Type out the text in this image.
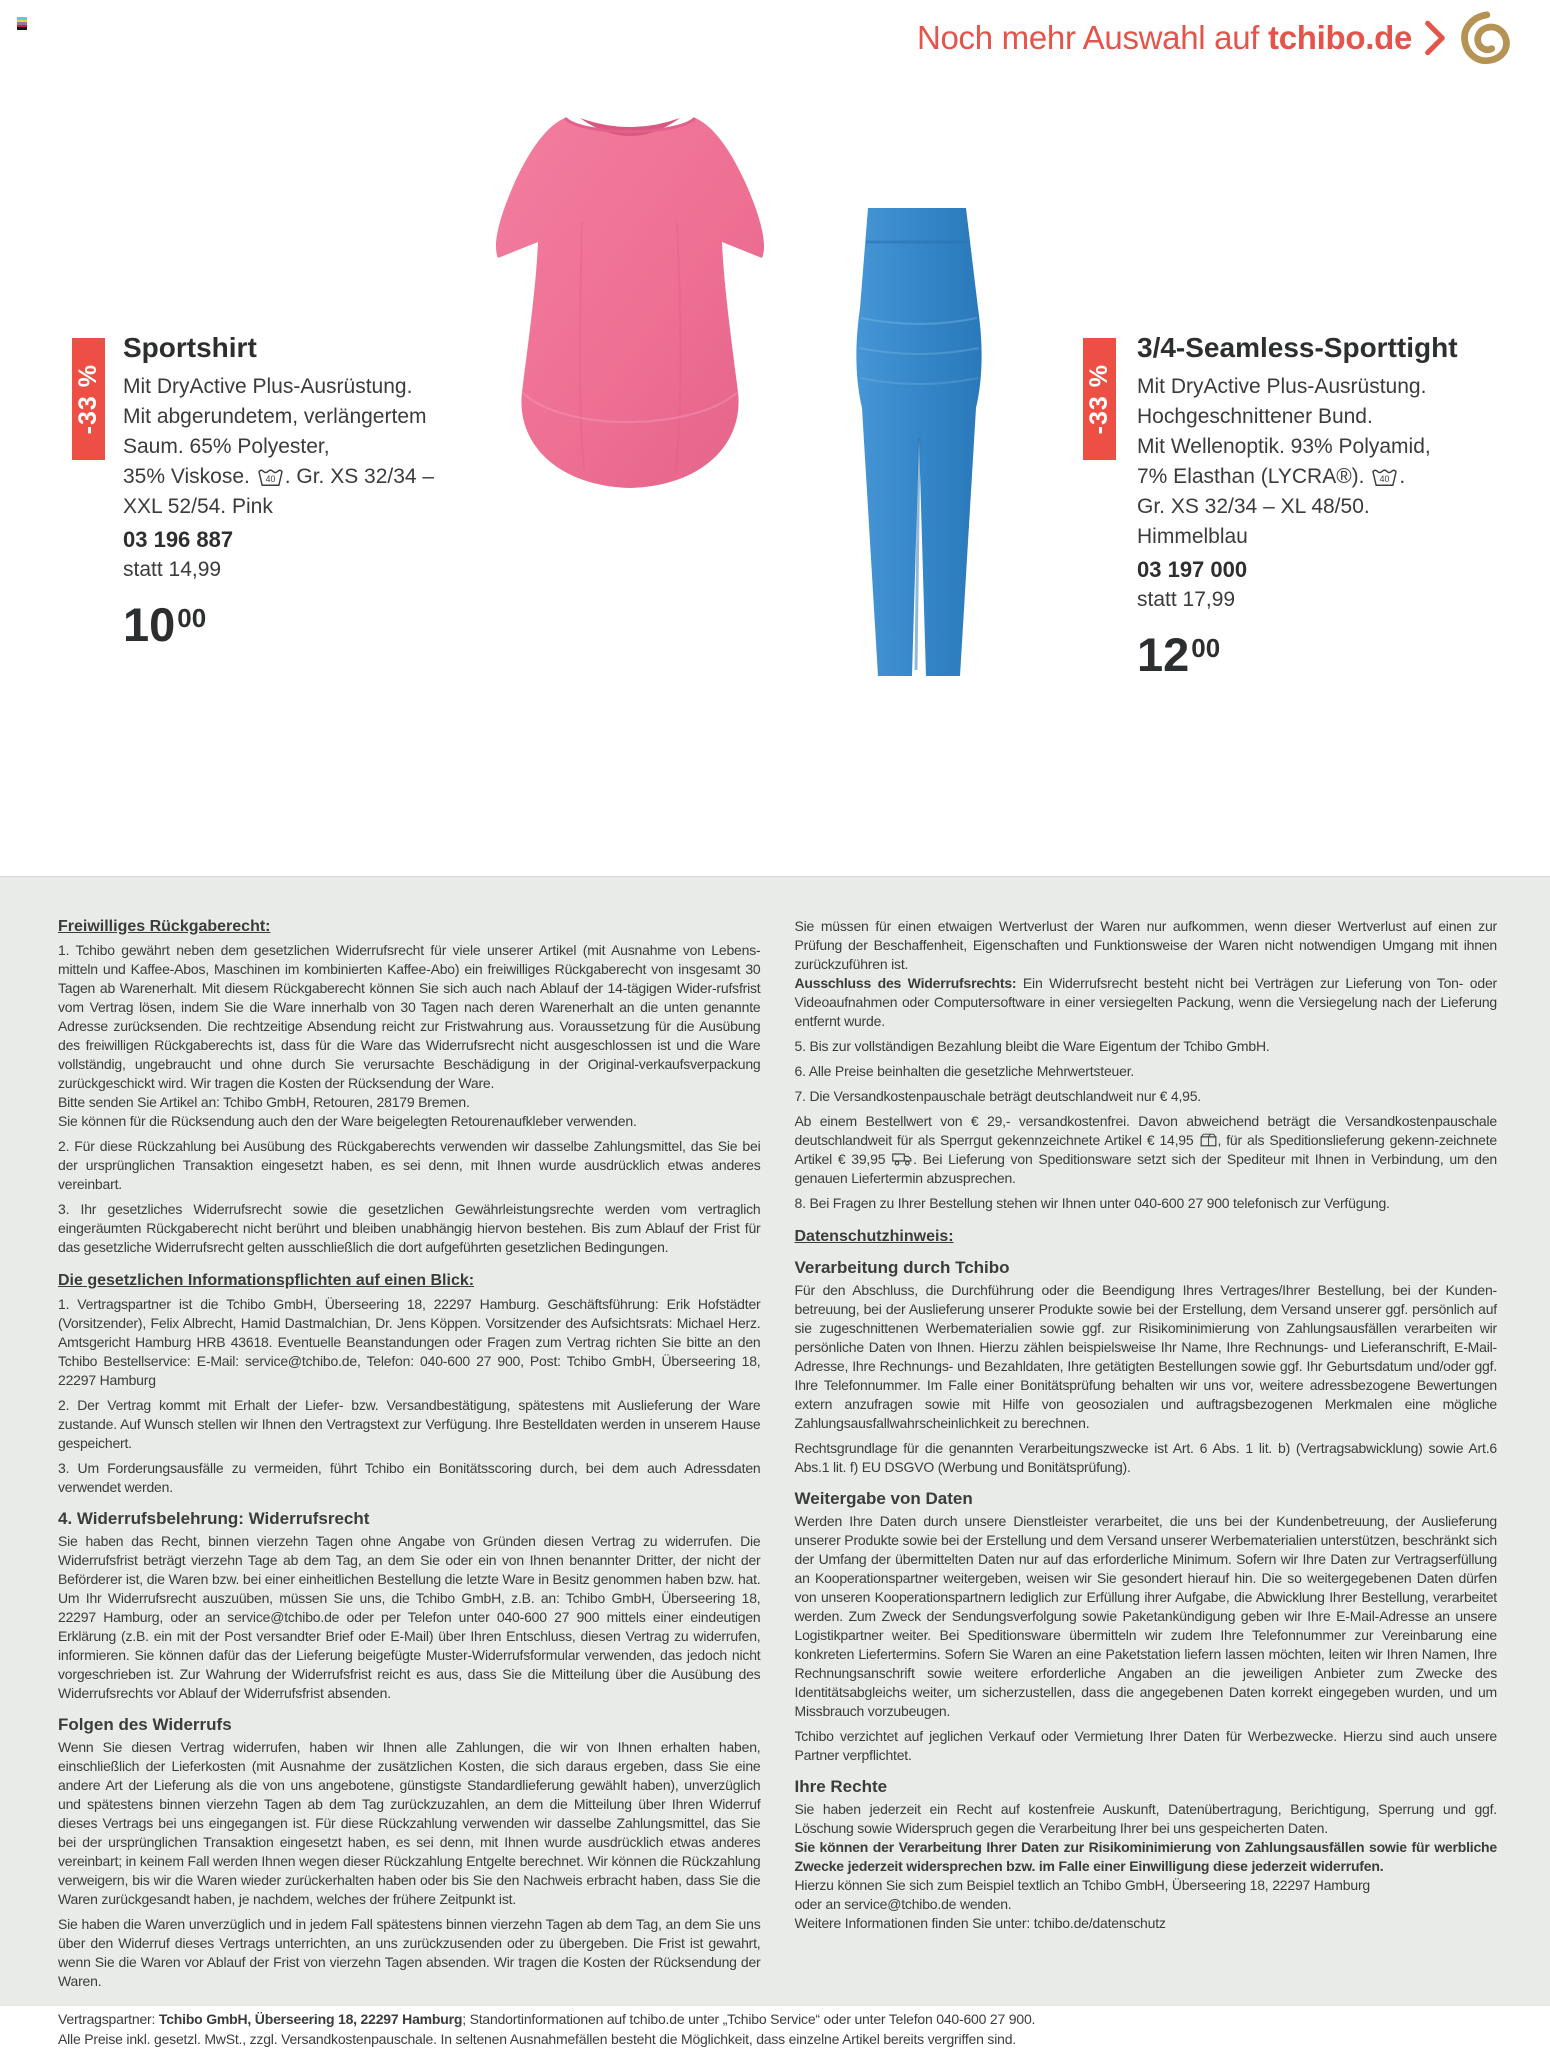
Noch mehr Auswahl auf tchibo.de
-33 %
Sportshirt
Mit DryActive Plus-Ausrüstung.
Mit abgerundetem, verlängertem
Saum. 65% Polyester,
35% Viskose. 40 . Gr. XS 32/34 –
XXL 52/54. Pink
03 196 887
statt 14,99
$10^{00}$
-33 %
3/4-Seamless-Sporttight
Mit DryActive Plus-Ausrüstung.
Hochgeschnittener Bund.
Mit Wellenoptik. 93% Polyamid,
7% Elasthan (LYCRA®). 40 .
Gr. XS 32/34 – XL 48/50.
Himmelblau
03 197 000
statt 17,99
$12^{00}$
Freiwilliges Rückgaberecht:
1. Tchibo gewährt neben dem gesetzlichen Widerrufsrecht für viele unserer Artikel (mit Ausnahme von Lebens-mitteln und Kaffee-Abos, Maschinen im kombinierten Kaffee-Abo) ein freiwilliges Rückgaberecht von insgesamt 30 Tagen ab Warenerhalt. Mit diesem Rückgaberecht können Sie sich auch nach Ablauf der 14-tägigen Wider-rufsfrist vom Vertrag lösen, indem Sie die Ware innerhalb von 30 Tagen nach deren Warenerhalt an die unten genannte Adresse zurücksenden. Die rechtzeitige Absendung reicht zur Fristwahrung aus. Voraussetzung für die Ausübung des freiwilligen Rückgaberechts ist, dass für die Ware das Widerrufsrecht nicht ausgeschlossen ist und die Ware vollständig, ungebraucht und ohne durch Sie verursachte Beschädigung in der Original-verkaufsverpackung zurückgeschickt wird. Wir tragen die Kosten der Rücksendung der Ware.
Bitte senden Sie Artikel an: Tchibo GmbH, Retouren, 28179 Bremen.
Sie können für die Rücksendung auch den der Ware beigelegten Retourenaufkleber verwenden.
2. Für diese Rückzahlung bei Ausübung des Rückgaberechts verwenden wir dasselbe Zahlungsmittel, das Sie bei der ursprünglichen Transaktion eingesetzt haben, es sei denn, mit Ihnen wurde ausdrücklich etwas anderes vereinbart.
3. Ihr gesetzliches Widerrufsrecht sowie die gesetzlichen Gewährleistungsrechte werden vom vertraglich eingeräumten Rückgaberecht nicht berührt und bleiben unabhängig hiervon bestehen. Bis zum Ablauf der Frist für das gesetzliche Widerrufsrecht gelten ausschließlich die dort aufgeführten gesetzlichen Bedingungen.
Die gesetzlichen Informationspflichten auf einen Blick:
1. Vertragspartner ist die Tchibo GmbH, Überseering 18, 22297 Hamburg. Geschäftsführung: Erik Hofstädter (Vorsitzender), Felix Albrecht, Hamid Dastmalchian, Dr. Jens Köppen. Vorsitzender des Aufsichtsrats: Michael Herz. Amtsgericht Hamburg HRB 43618. Eventuelle Beanstandungen oder Fragen zum Vertrag richten Sie bitte an den Tchibo Bestellservice: E-Mail: service@tchibo.de, Telefon: 040-600 27 900, Post: Tchibo GmbH, Überseering 18, 22297 Hamburg
2. Der Vertrag kommt mit Erhalt der Liefer- bzw. Versandbestätigung, spätestens mit Auslieferung der Ware zustande. Auf Wunsch stellen wir Ihnen den Vertragstext zur Verfügung. Ihre Bestelldaten werden in unserem Hause gespeichert.
3. Um Forderungsausfälle zu vermeiden, führt Tchibo ein Bonitätsscoring durch, bei dem auch Adressdaten verwendet werden.
4. Widerrufsbelehrung: Widerrufsrecht
Sie haben das Recht, binnen vierzehn Tagen ohne Angabe von Gründen diesen Vertrag zu widerrufen. Die Widerrufsfrist beträgt vierzehn Tage ab dem Tag, an dem Sie oder ein von Ihnen benannter Dritter, der nicht der Beförderer ist, die Waren bzw. bei einer einheitlichen Bestellung die letzte Ware in Besitz genommen haben bzw. hat. Um Ihr Widerrufsrecht auszuüben, müssen Sie uns, die Tchibo GmbH, z.B. an: Tchibo GmbH, Überseering 18, 22297 Hamburg, oder an service@tchibo.de oder per Telefon unter 040-600 27 900 mittels einer eindeutigen Erklärung (z.B. ein mit der Post versandter Brief oder E-Mail) über Ihren Entschluss, diesen Vertrag zu widerrufen, informieren. Sie können dafür das der Lieferung beigefügte Muster-Widerrufsformular verwenden, das jedoch nicht vorgeschrieben ist. Zur Wahrung der Widerrufsfrist reicht es aus, dass Sie die Mitteilung über die Ausübung des Widerrufsrechts vor Ablauf der Widerrufsfrist absenden.
Folgen des Widerrufs
Wenn Sie diesen Vertrag widerrufen, haben wir Ihnen alle Zahlungen, die wir von Ihnen erhalten haben, einschließlich der Lieferkosten (mit Ausnahme der zusätzlichen Kosten, die sich daraus ergeben, dass Sie eine andere Art der Lieferung als die von uns angebotene, günstigste Standardlieferung gewählt haben), unverzüglich und spätestens binnen vierzehn Tagen ab dem Tag zurückzuzahlen, an dem die Mitteilung über Ihren Widerruf dieses Vertrags bei uns eingegangen ist. Für diese Rückzahlung verwenden wir dasselbe Zahlungsmittel, das Sie bei der ursprünglichen Transaktion eingesetzt haben, es sei denn, mit Ihnen wurde ausdrücklich etwas anderes vereinbart; in keinem Fall werden Ihnen wegen dieser Rückzahlung Entgelte berechnet. Wir können die Rückzahlung verweigern, bis wir die Waren wieder zurückerhalten haben oder bis Sie den Nachweis erbracht haben, dass Sie die Waren zurückgesandt haben, je nachdem, welches der frühere Zeitpunkt ist.
Sie haben die Waren unverzüglich und in jedem Fall spätestens binnen vierzehn Tagen ab dem Tag, an dem Sie uns über den Widerruf dieses Vertrags unterrichten, an uns zurückzusenden oder zu übergeben. Die Frist ist gewahrt, wenn Sie die Waren vor Ablauf der Frist von vierzehn Tagen absenden. Wir tragen die Kosten der Rücksendung der Waren.
Sie müssen für einen etwaigen Wertverlust der Waren nur aufkommen, wenn dieser Wertverlust auf einen zur Prüfung der Beschaffenheit, Eigenschaften und Funktionsweise der Waren nicht notwendigen Umgang mit ihnen zurückzuführen ist.
Ausschluss des Widerrufsrechts: Ein Widerrufsrecht besteht nicht bei Verträgen zur Lieferung von Ton- oder Videoaufnahmen oder Computersoftware in einer versiegelten Packung, wenn die Versiegelung nach der Lieferung entfernt wurde.
5. Bis zur vollständigen Bezahlung bleibt die Ware Eigentum der Tchibo GmbH.
6. Alle Preise beinhalten die gesetzliche Mehrwertsteuer.
7. Die Versandkostenpauschale beträgt deutschlandweit nur € 4,95.
Ab einem Bestellwert von € 29,- versandkostenfrei. Davon abweichend beträgt die Versandkostenpauschale deutschlandweit für als Sperrgut gekennzeichnete Artikel € 14,95 , für als Speditionslieferung gekenn-zeichnete Artikel € 39,95 . Bei Lieferung von Speditionsware setzt sich der Spediteur mit Ihnen in Verbindung, um den genauen Liefertermin abzusprechen.
8. Bei Fragen zu Ihrer Bestellung stehen wir Ihnen unter 040-600 27 900 telefonisch zur Verfügung.
Datenschutzhinweis:
Verarbeitung durch Tchibo
Für den Abschluss, die Durchführung oder die Beendigung Ihres Vertrages/Ihrer Bestellung, bei der Kunden-betreuung, bei der Auslieferung unserer Produkte sowie bei der Erstellung, dem Versand unserer ggf. persönlich auf sie zugeschnittenen Werbematerialien sowie ggf. zur Risikominimierung von Zahlungsausfällen verarbeiten wir persönliche Daten von Ihnen. Hierzu zählen beispielsweise Ihr Name, Ihre Rechnungs- und Lieferanschrift, E-Mail-Adresse, Ihre Rechnungs- und Bezahldaten, Ihre getätigten Bestellungen sowie ggf. Ihr Geburtsdatum und/oder ggf. Ihre Telefonnummer. Im Falle einer Bonitätsprüfung behalten wir uns vor, weitere adressbezogene Bewertungen extern anzufragen sowie mit Hilfe von geosozialen und auftragsbezogenen Merkmalen eine mögliche Zahlungsausfallwahrscheinlichkeit zu berechnen.
Rechtsgrundlage für die genannten Verarbeitungszwecke ist Art. 6 Abs. 1 lit. b) (Vertragsabwicklung) sowie Art.6 Abs.1 lit. f) EU DSGVO (Werbung und Bonitätsprüfung).
Weitergabe von Daten
Werden Ihre Daten durch unsere Dienstleister verarbeitet, die uns bei der Kundenbetreuung, der Auslieferung unserer Produkte sowie bei der Erstellung und dem Versand unserer Werbematerialien unterstützen, beschränkt sich der Umfang der übermittelten Daten nur auf das erforderliche Minimum. Sofern wir Ihre Daten zur Vertragserfüllung an Kooperationspartner weitergeben, weisen wir Sie gesondert hierauf hin. Die so weitergegebenen Daten dürfen von unseren Kooperationspartnern lediglich zur Erfüllung ihrer Aufgabe, die Abwicklung Ihrer Bestellung, verarbeitet werden. Zum Zweck der Sendungsverfolgung sowie Paketankündigung geben wir Ihre E-Mail-Adresse an unsere Logistikpartner weiter. Bei Speditionsware übermitteln wir zudem Ihre Telefonnummer zur Vereinbarung eine konkreten Liefertermins. Sofern Sie Waren an eine Paketstation liefern lassen möchten, leiten wir Ihren Namen, Ihre Rechnungsanschrift sowie weitere erforderliche Angaben an die jeweiligen Anbieter zum Zwecke des Identitätsabgleichs weiter, um sicherzustellen, dass die angegebenen Daten korrekt eingegeben wurden, und um Missbrauch vorzubeugen.
Tchibo verzichtet auf jeglichen Verkauf oder Vermietung Ihrer Daten für Werbezwecke. Hierzu sind auch unsere Partner verpflichtet.
Ihre Rechte
Sie haben jederzeit ein Recht auf kostenfreie Auskunft, Datenübertragung, Berichtigung, Sperrung und ggf. Löschung sowie Widerspruch gegen die Verarbeitung Ihrer bei uns gespeicherten Daten.
Sie können der Verarbeitung Ihrer Daten zur Risikominimierung von Zahlungsausfällen sowie für werbliche Zwecke jederzeit widersprechen bzw. im Falle einer Einwilligung diese jederzeit widerrufen.
Hierzu können Sie sich zum Beispiel textlich an Tchibo GmbH, Überseering 18, 22297 Hamburg
oder an service@tchibo.de wenden.
Weitere Informationen finden Sie unter: tchibo.de/datenschutz
Vertragspartner: Tchibo GmbH, Überseering 18, 22297 Hamburg; Standortinformationen auf tchibo.de unter „Tchibo Service“ oder unter Telefon 040-600 27 900.
Alle Preise inkl. gesetzl. MwSt., zzgl. Versandkostenpauschale. In seltenen Ausnahmefällen besteht die Möglichkeit, dass einzelne Artikel bereits vergriffen sind.
